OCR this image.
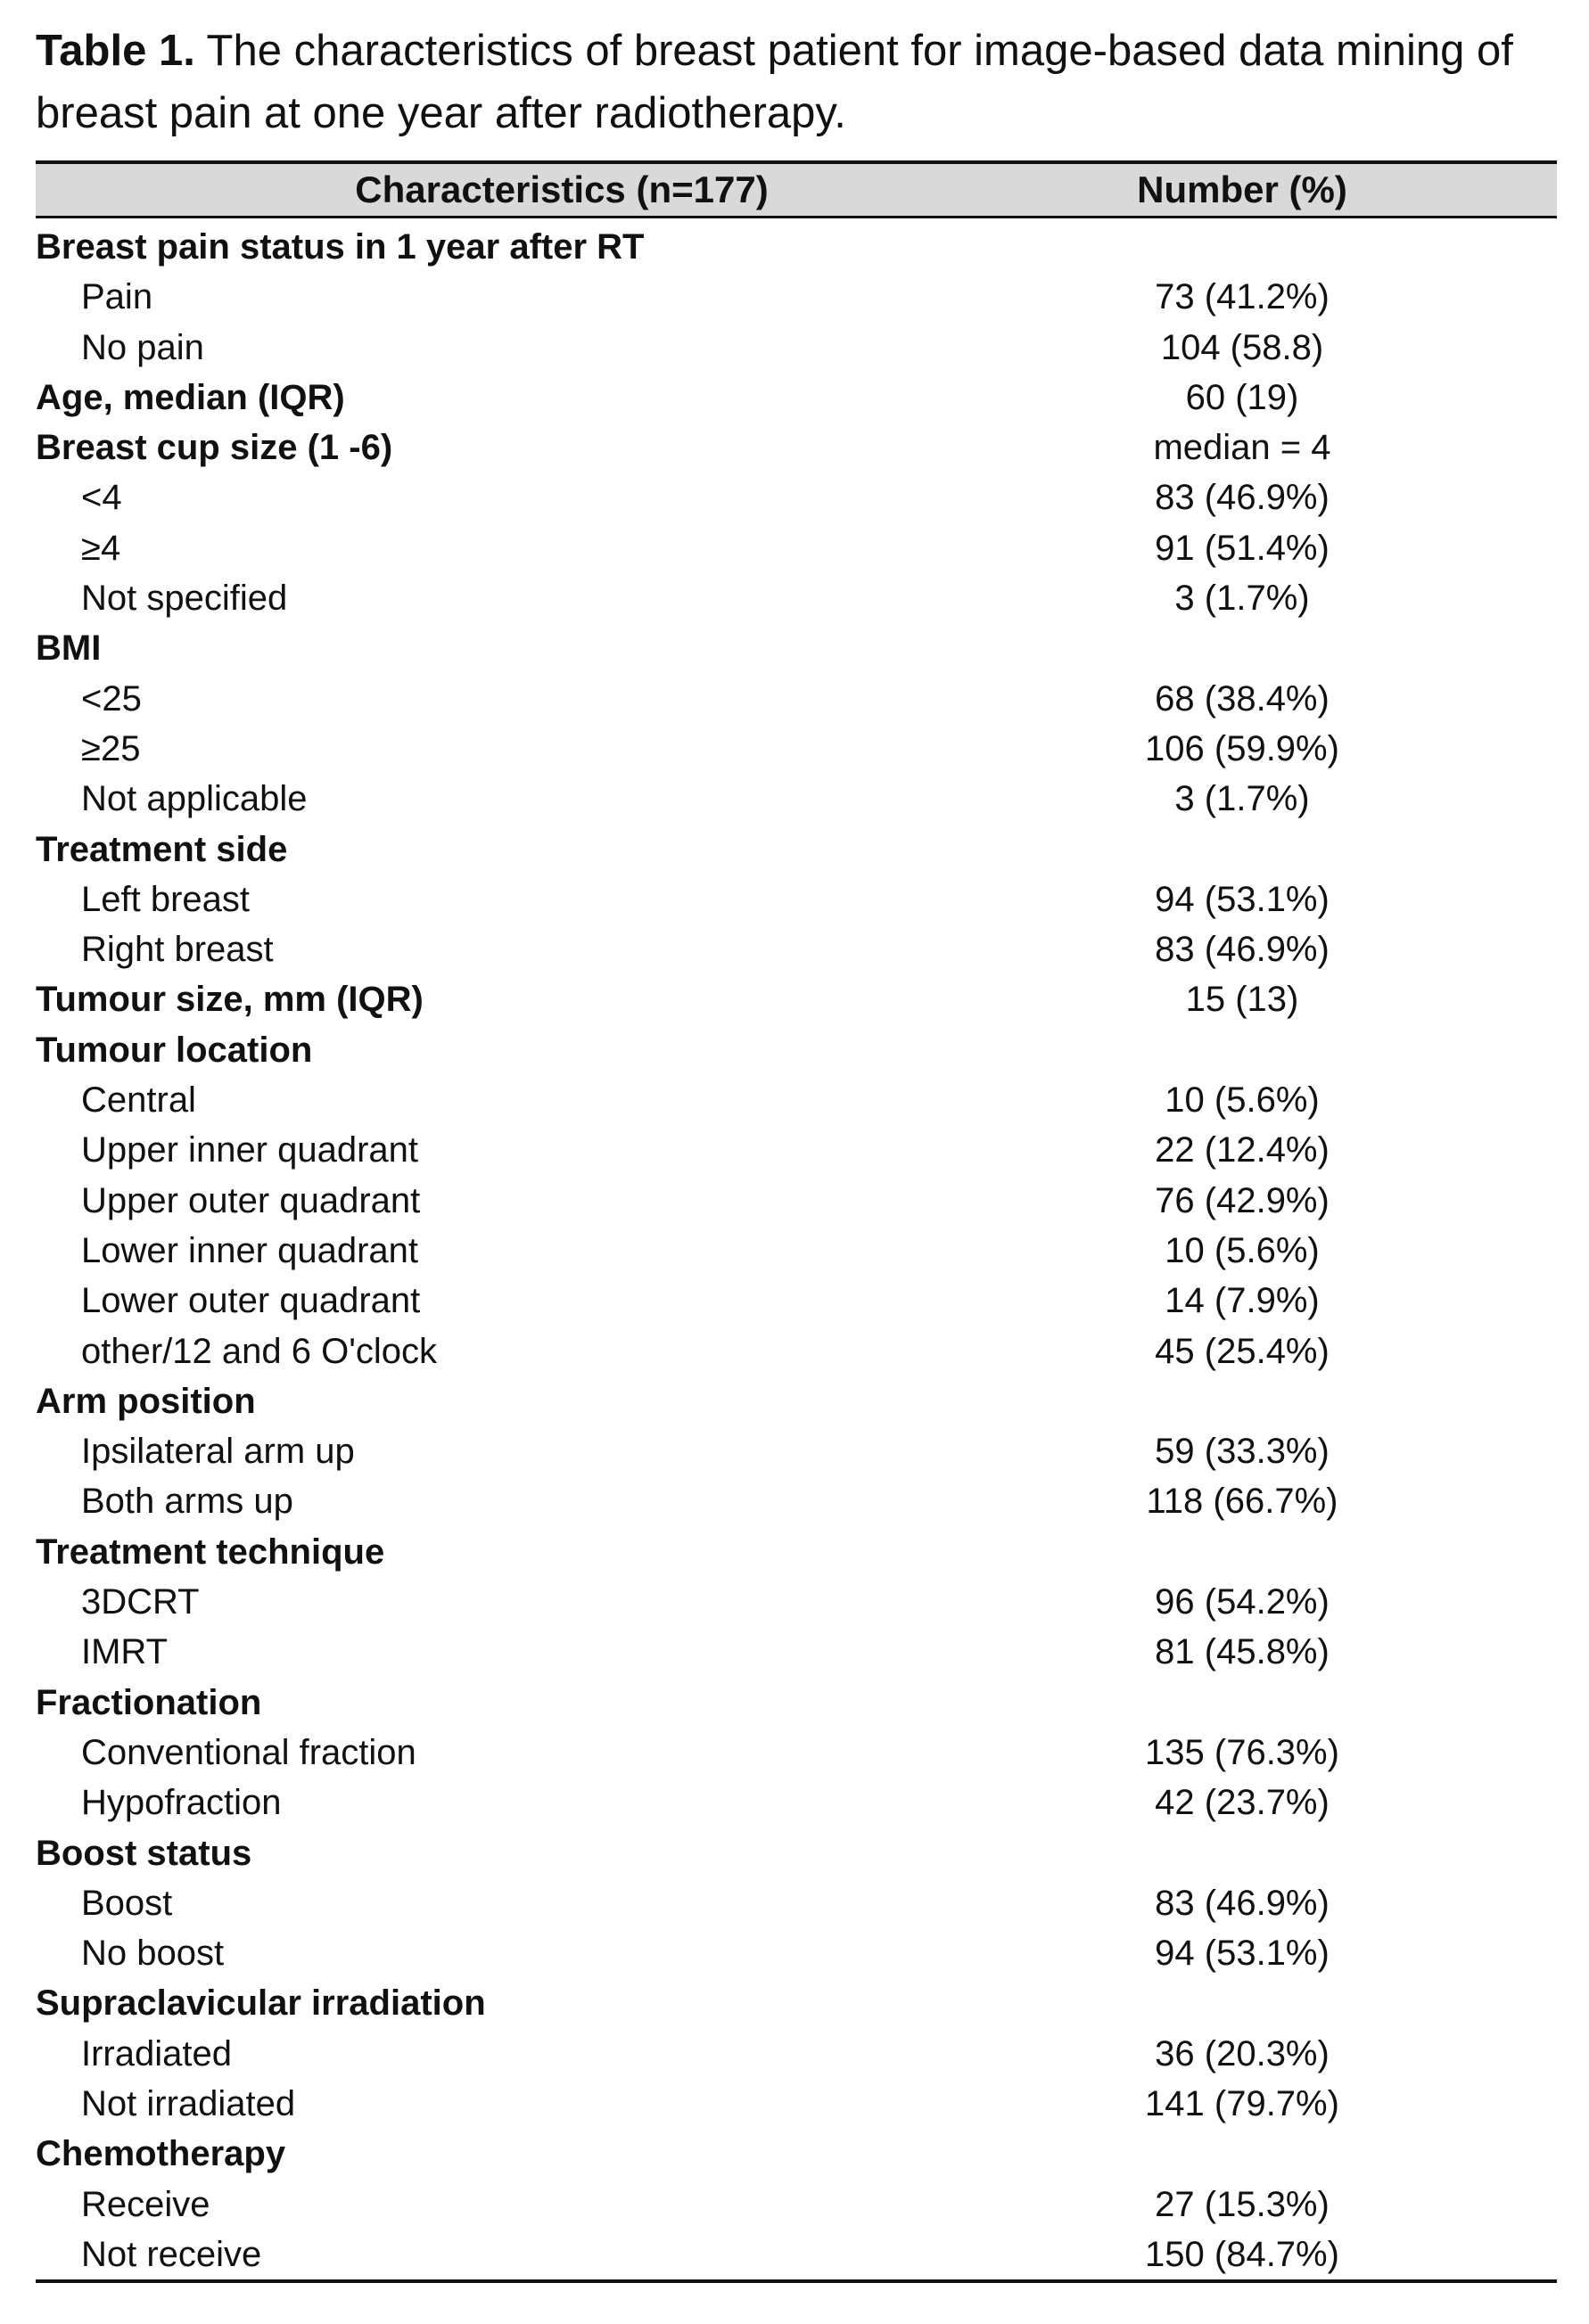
Table 1. The characteristics of breast patient for image-based data mining of breast pain at one year after radiotherapy.
Characteristics (n=177)	Number (%)
Breast pain status in 1 year after RT
Pain	73 (41.2%)
No pain	104 (58.8)
Age, median (IQR)	60 (19)
Breast cup size (1 -6)	median = 4
<4	83 (46.9%)
≥4	91 (51.4%)
Not specified	3 (1.7%)
BMI
<25	68 (38.4%)
≥25	106 (59.9%)
Not applicable	3 (1.7%)
Treatment side
Left breast	94 (53.1%)
Right breast	83 (46.9%)
Tumour size, mm (IQR)	15 (13)
Tumour location
Central	10 (5.6%)
Upper inner quadrant	22 (12.4%)
Upper outer quadrant	76 (42.9%)
Lower inner quadrant	10 (5.6%)
Lower outer quadrant	14 (7.9%)
other/12 and 6 O'clock	45 (25.4%)
Arm position
Ipsilateral arm up	59 (33.3%)
Both arms up	118 (66.7%)
Treatment technique
3DCRT	96 (54.2%)
IMRT	81 (45.8%)
Fractionation
Conventional fraction	135 (76.3%)
Hypofraction	42 (23.7%)
Boost status
Boost	83 (46.9%)
No boost	94 (53.1%)
Supraclavicular irradiation
Irradiated	36 (20.3%)
Not irradiated	141 (79.7%)
Chemotherapy
Receive	27 (15.3%)
Not receive	150 (84.7%)
